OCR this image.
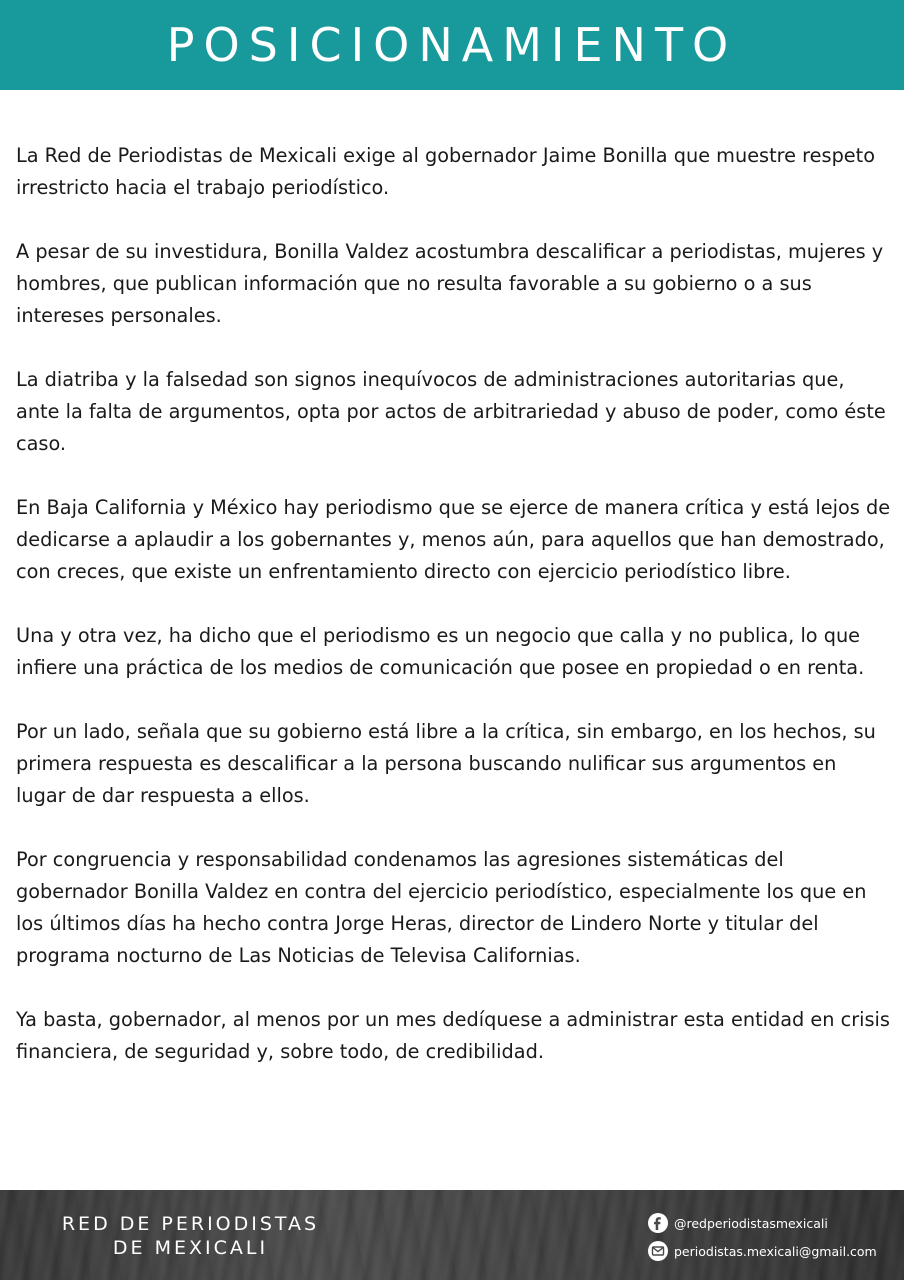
POSICIONAMIENTO

La Red de Periodistas de Mexicali exige al gobernador Jaime Bonilla que muestre respeto irrestricto hacia el trabajo periodístico.

A pesar de su investidura, Bonilla Valdez acostumbra descalificar a periodistas, mujeres y hombres, que publican información que no resulta favorable a su gobierno o a sus intereses personales.

La diatriba y la falsedad son signos inequívocos de administraciones autoritarias que, ante la falta de argumentos, opta por actos de arbitrariedad y abuso de poder, como éste caso.

En Baja California y México hay periodismo que se ejerce de manera crítica y está lejos de dedicarse a aplaudir a los gobernantes y, menos aún, para aquellos que han demostrado, con creces, que existe un enfrentamiento directo con ejercicio periodístico libre.

Una y otra vez, ha dicho que el periodismo es un negocio que calla y no publica, lo que infiere una práctica de los medios de comunicación que posee en propiedad o en renta.

Por un lado, señala que su gobierno está libre a la crítica, sin embargo, en los hechos, su primera respuesta es descalificar a la persona buscando nulificar sus argumentos en lugar de dar respuesta a ellos.

Por congruencia y responsabilidad condenamos las agresiones sistemáticas del gobernador Bonilla Valdez en contra del ejercicio periodístico, especialmente los que en los últimos días ha hecho contra Jorge Heras, director de Lindero Norte y titular del programa nocturno de Las Noticias de Televisa Californias.

Ya basta, gobernador, al menos por un mes dedíquese a administrar esta entidad en crisis financiera, de seguridad y, sobre todo, de credibilidad.

RED DE PERIODISTAS
DE MEXICALI
@redperiodistasmexicali
periodistas.mexicali@gmail.com
